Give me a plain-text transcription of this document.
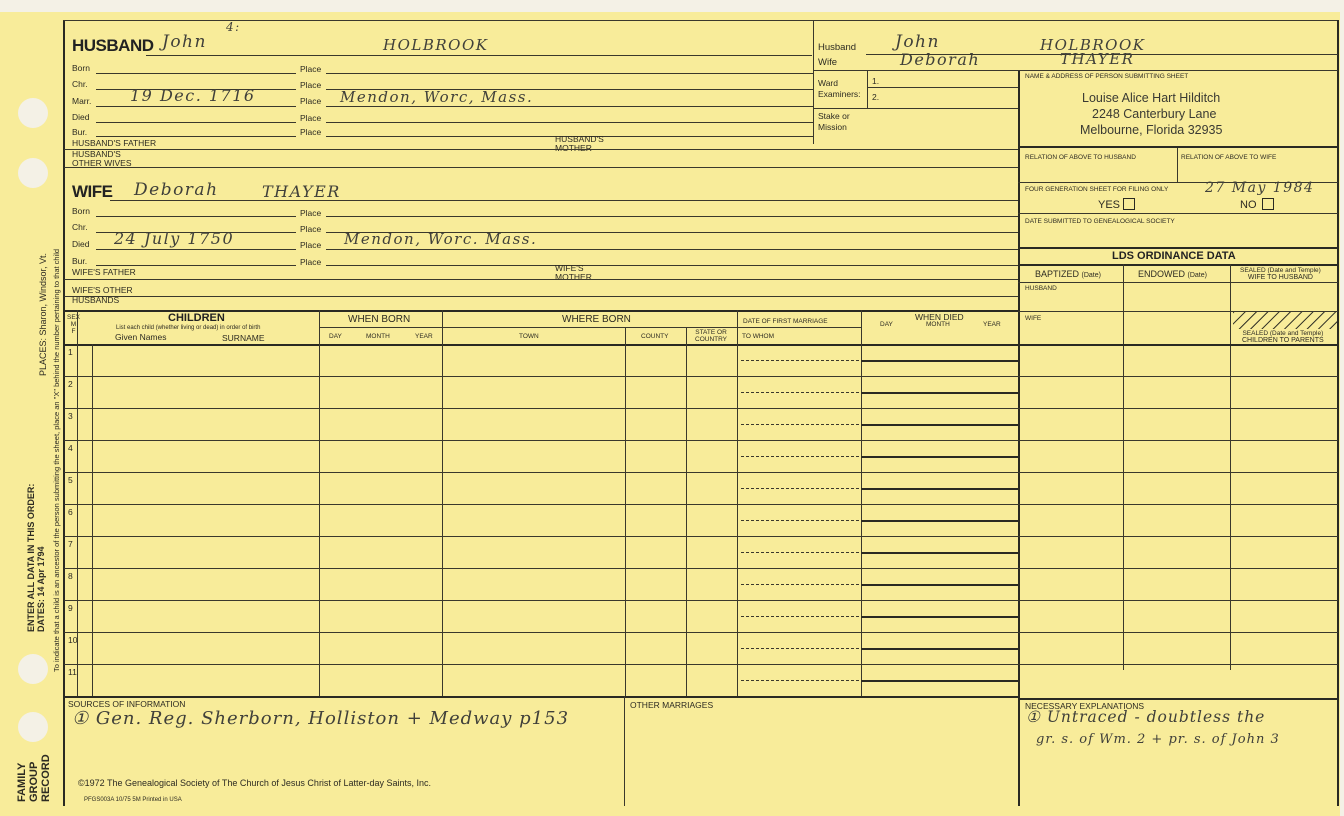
FAMILY GROUP RECORD
PLACES: Sharon, Windsor, Vt.
ENTER ALL DATA IN THIS ORDER: DATES: 14 Apr 1794 To indicate that a child is an ancestor of the person submitting the sheet, place an "X" behind the number pertaining to that child
HUSBAND John
4:
HOLBROOK
Born	Place
Chr.	Place
Marr. 19 Dec. 1716	Place Mendon, Worc, Mass.
Died	Place
Bur.	Place
HUSBAND'S FATHER	HUSBAND'S
MOTHER
HUSBAND'S
OTHER WIVES
WIFE Deborah	THAYER
Born	Place
Chr.	Place
Died 24 July 1750	Place Mendon, Worc. Mass.
Bur.	Place
WIFE'S FATHER	WIFE'S
MOTHER
WIFE'S OTHER
HUSBANDS
Husband John	HOLBROOK
Wife	Deborah	THAYER
Ward
Examiners:
1.
2.
Stake or
Mission
NAME & ADDRESS OF PERSON SUBMITTING SHEET
Louise Alice Hart Hilditch
2248 Canterbury Lane
Melbourne, Florida 32935
RELATION OF ABOVE TO HUSBAND	RELATION OF ABOVE TO WIFE
FOUR GENERATION SHEET FOR FILING ONLY	27 May 1984
YES	NO
DATE SUBMITTED TO GENEALOGICAL SOCIETY
LDS ORDINANCE DATA
BAPTIZED (Date)	ENDOWED (Date)
SEALED (Date and Temple)
WIFE TO HUSBAND
HUSBAND
WIFE
SEALED (Date and Temple)
CHILDREN TO PARENTS
SEX
M
F
CHILDREN
List each child (whether living or dead) in order of birth
Given Names	SURNAME
WHEN BORN
DAY	MONTH	YEAR
WHERE BORN
TOWN	COUNTY
STATE OR
COUNTRY
DATE OF FIRST MARRIAGE
TO WHOM
WHEN DIED
DAY	MONTH	YEAR
1
2
3
4
5
6
7
8
9
10
11
SOURCES OF INFORMATION
① Gen. Reg. Sherborn, Holliston + Medway p153
OTHER MARRIAGES	NECESSARY EXPLANATIONS
① Untraced - doubtless the
gr. s. of Wm. 2 + pr. s. of John 3
©1972 The Genealogical Society of The Church of Jesus Christ of Latter-day Saints, Inc.
PFGS003A 10/75 5M Printed in USA
